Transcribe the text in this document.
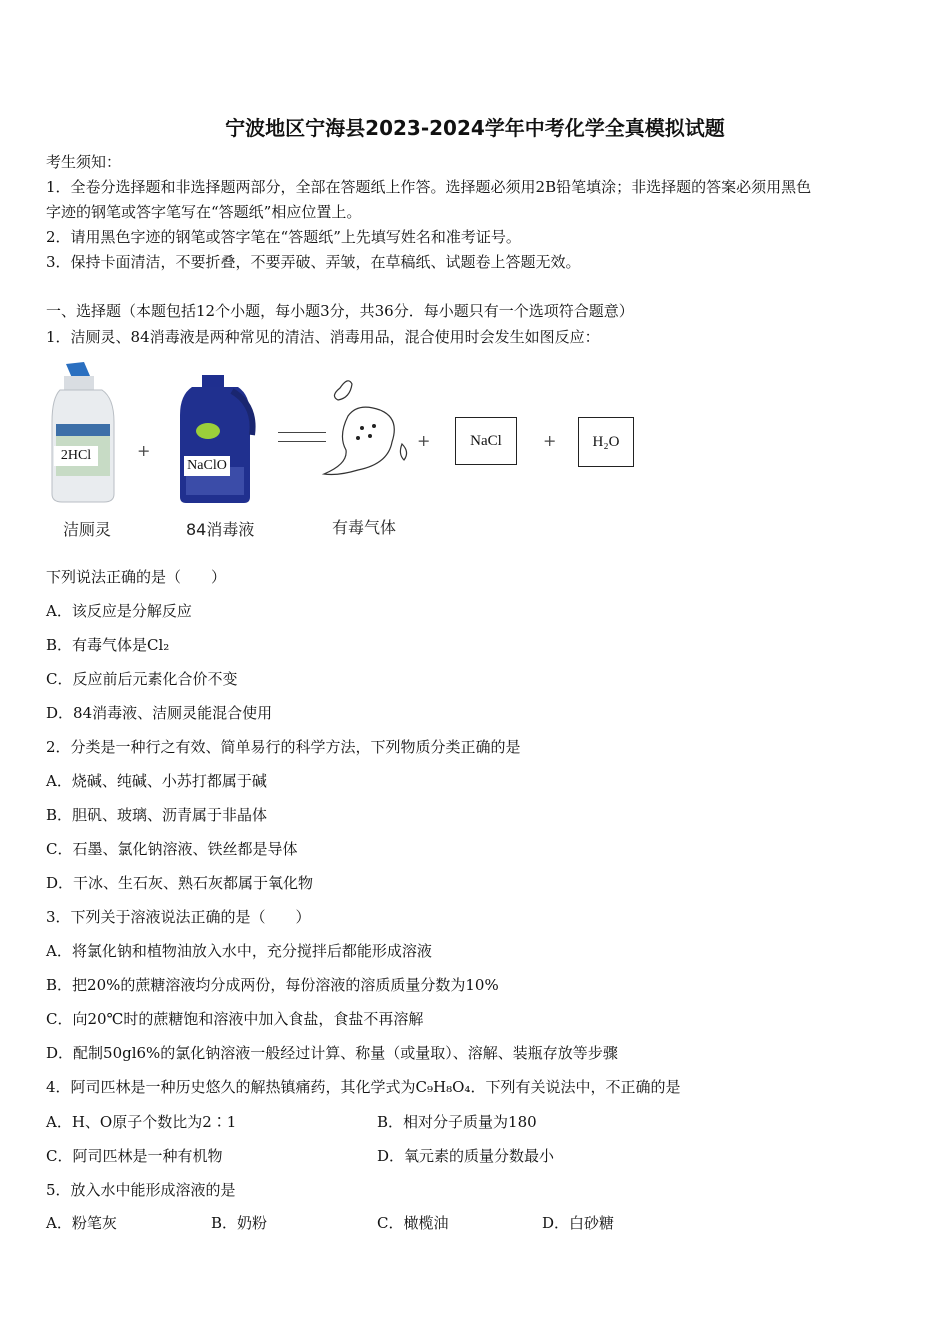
宁波地区宁海县2023-2024学年中考化学全真模拟试题
考生须知：
1．全卷分选择题和非选择题两部分，全部在答题纸上作答。选择题必须用2B铅笔填涂；非选择题的答案必须用黑色
字迹的钢笔或答字笔写在“答题纸”相应位置上。
2．请用黑色字迹的钢笔或答字笔在“答题纸”上先填写姓名和准考证号。
3．保持卡面清洁，不要折叠，不要弄破、弄皱，在草稿纸、试题卷上答题无效。
一、选择题（本题包括12个小题，每小题3分，共36分．每小题只有一个选项符合题意）
1．洁厕灵、84消毒液是两种常见的清洁、消毒用品，混合使用时会发生如图反应：
2HCl	+
NaClO
+	NaCl	+	H₂O
洁厕灵	84消毒液	有毒气体
下列说法正确的是（　　）
A．该反应是分解反应
B．有毒气体是Cl₂
C．反应前后元素化合价不变
D．84消毒液、洁厕灵能混合使用
2．分类是一种行之有效、简单易行的科学方法，下列物质分类正确的是
A．烧碱、纯碱、小苏打都属于碱
B．胆矾、玻璃、沥青属于非晶体
C．石墨、氯化钠溶液、铁丝都是导体
D．干冰、生石灰、熟石灰都属于氧化物
3．下列关于溶液说法正确的是（　　）
A．将氯化钠和植物油放入水中，充分搅拌后都能形成溶液
B．把20%的蔗糖溶液均分成两份，每份溶液的溶质质量分数为10%
C．向20℃时的蔗糖饱和溶液中加入食盐，食盐不再溶解
D．配制50gl6%的氯化钠溶液一般经过计算、称量（或量取）、溶解、装瓶存放等步骤
4．阿司匹林是一种历史悠久的解热镇痛药，其化学式为C₉H₈O₄．下列有关说法中，不正确的是
A．H、O原子个数比为2∶1	B．相对分子质量为180
C．阿司匹林是一种有机物	D．氧元素的质量分数最小
5．放入水中能形成溶液的是
A．粉笔灰	B．奶粉	C．橄榄油	D．白砂糖
